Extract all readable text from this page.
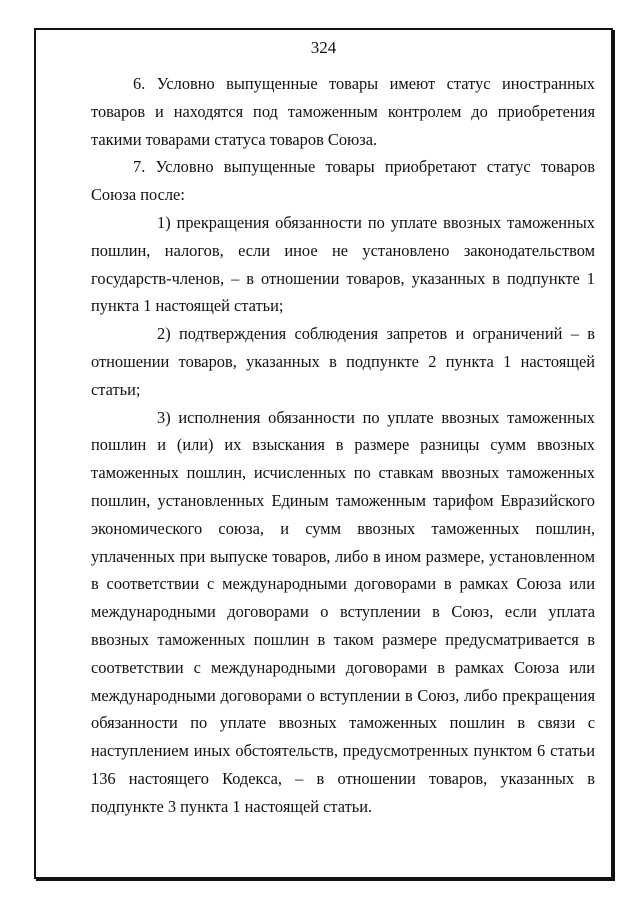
324

6. Условно выпущенные товары имеют статус иностранных товаров и находятся под таможенным контролем до приобретения такими товарами статуса товаров Союза.

7. Условно выпущенные товары приобретают статус товаров Союза после:

1) прекращения обязанности по уплате ввозных таможенных пошлин, налогов, если иное не установлено законодательством государств-членов, – в отношении товаров, указанных в подпункте 1 пункта 1 настоящей статьи;

2) подтверждения соблюдения запретов и ограничений – в отношении товаров, указанных в подпункте 2 пункта 1 настоящей статьи;

3) исполнения обязанности по уплате ввозных таможенных пошлин и (или) их взыскания в размере разницы сумм ввозных таможенных пошлин, исчисленных по ставкам ввозных таможенных пошлин, установленных Единым таможенным тарифом Евразийского экономического союза, и сумм ввозных таможенных пошлин, уплаченных при выпуске товаров, либо в ином размере, установленном в соответствии с международными договорами в рамках Союза или международными договорами о вступлении в Союз, если уплата ввозных таможенных пошлин в таком размере предусматривается в соответствии с международными договорами в рамках Союза или международными договорами о вступлении в Союз, либо прекращения обязанности по уплате ввозных таможенных пошлин в связи с наступлением иных обстоятельств, предусмотренных пунктом 6 статьи 136 настоящего Кодекса, – в отношении товаров, указанных в подпункте 3 пункта 1 настоящей статьи.
